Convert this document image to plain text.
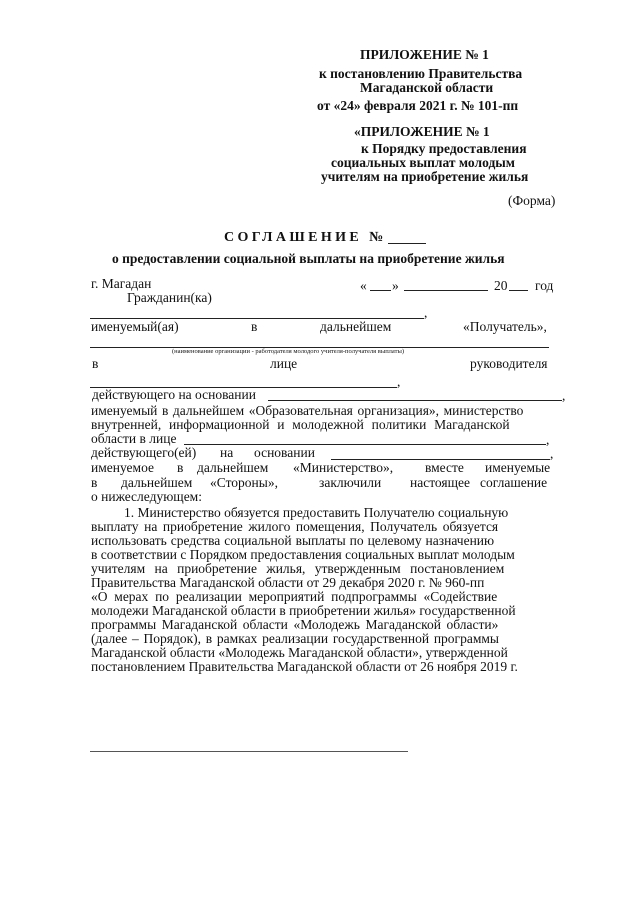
ПРИЛОЖЕНИЕ № 1
к постановлению Правительства
Магаданской области
от «24» февраля 2021 г. № 101-пп
«ПРИЛОЖЕНИЕ № 1
к Порядку предоставления
социальных выплат молодым
учителям на приобретение жилья
(Форма)
СОГЛАШЕНИЕ №
о предоставлении социальной выплаты на приобретение жилья
г. Магадан	« »	20 год
Гражданин(ка)
,
именуемый(ая)	в	дальнейшем	«Получатель»,
(наименование организации - работодателя молодого учителя-получателя выплаты)
в	лице	руководителя
,
действующего на основании	,
именуемый в дальнейшем «Образовательная организация», министерство
внутренней, информационной и молодежной политики Магаданской
области в лице	,
действующего(ей) на основании	,
именуемое в дальнейшем «Министерство», вместе именуемые
в дальнейшем «Стороны»,	заключили настоящее соглашение
о нижеследующем:
1. Министерство обязуется предоставить Получателю социальную
выплату на приобретение жилого помещения, Получатель обязуется
использовать средства социальной выплаты по целевому назначению
в соответствии с Порядком предоставления социальных выплат молодым
учителям на приобретение жилья, утвержденным постановлением
Правительства Магаданской области от 29 декабря 2020 г. № 960-пп
«О мерах по реализации мероприятий подпрограммы «Содействие
молодежи Магаданской области в приобретении жилья» государственной
программы Магаданской области «Молодежь Магаданской области»
(далее – Порядок), в рамках реализации государственной программы
Магаданской области «Молодежь Магаданской области», утвержденной
постановлением Правительства Магаданской области от 26 ноября 2019 г.
